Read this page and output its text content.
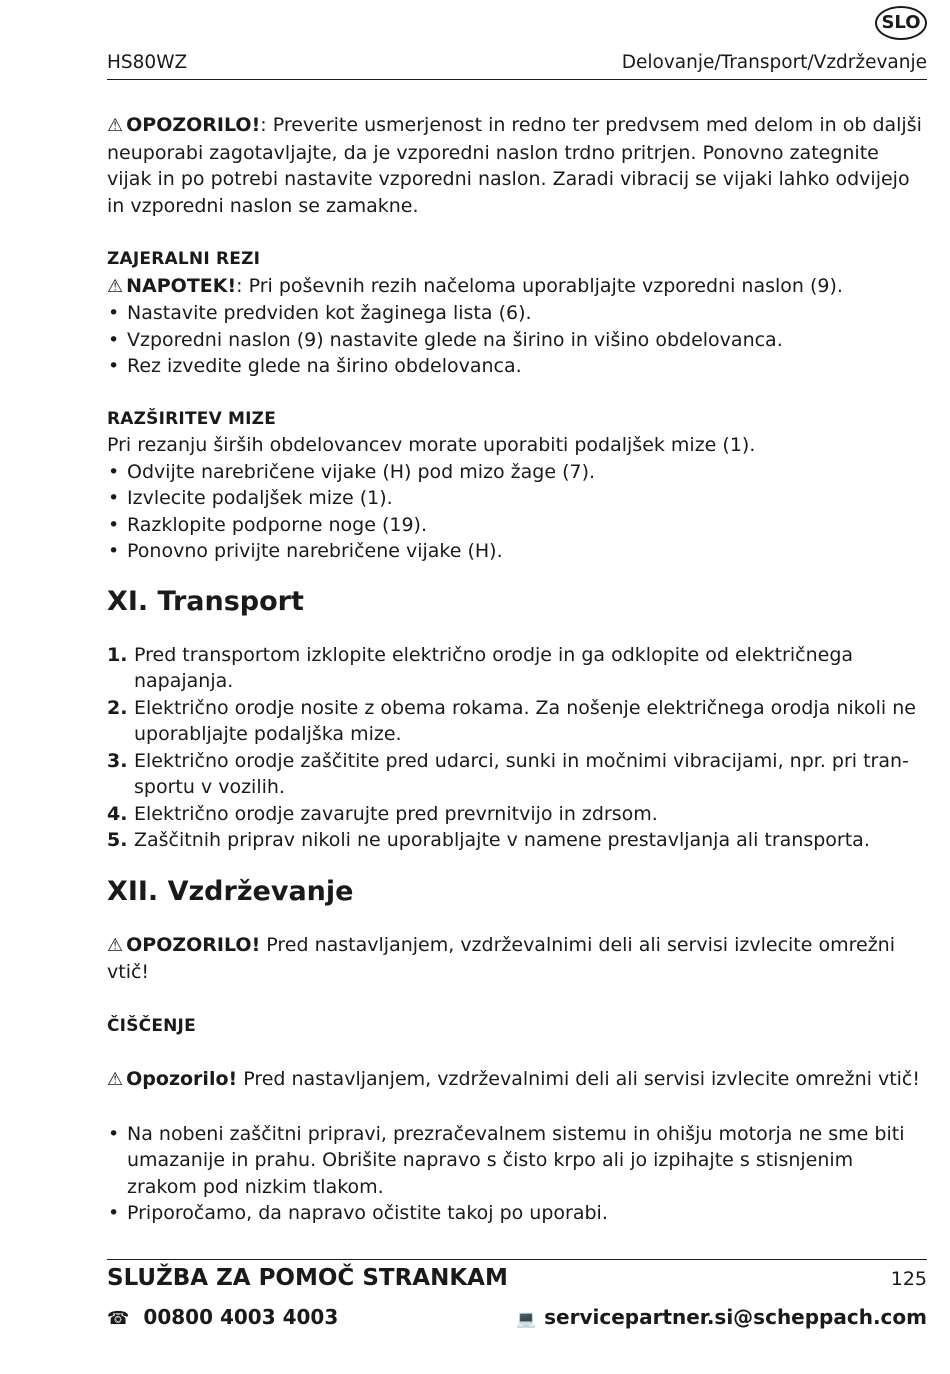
SLO
HS80WZ	Delovanje/Transport/Vzdrževanje

⚠ OPOZORILO!: Preverite usmerjenost in redno ter predvsem med delom in ob daljši neuporabi zagotavljajte, da je vzporedni naslon trdno pritrjen. Ponovno zategnite vijak in po potrebi nastavite vzporedni naslon. Zaradi vibracij se vijaki lahko odvijejo in vzporedni naslon se zamakne.

ZAJERALNI REZI

⚠ NAPOTEK!: Pri poševnih rezih načeloma uporabljajte vzporedni naslon (9).

• Nastavite predviden kot žaginega lista (6).
• Vzporedni naslon (9) nastavite glede na širino in višino obdelovanca.
• Rez izvedite glede na širino obdelovanca.
RAZŠIRITEV MIZE

Pri rezanju širših obdelovancev morate uporabiti podaljšek mize (1).

• Odvijte narebričene vijake (H) pod mizo žage (7).
• Izvlecite podaljšek mize (1).
• Razklopite podporne noge (19).
• Ponovno privijte narebričene vijake (H).
XI. Transport
1. Pred transportom izklopite električno orodje in ga odklopite od električnega napajanja.
2. Električno orodje nosite z obema rokama. Za nošenje električnega orodja nikoli ne uporabljajte podaljška mize.
3. Električno orodje zaščitite pred udarci, sunki in močnimi vibracijami, npr. pri transportu v vozilih.
4. Električno orodje zavarujte pred prevrnitvijo in zdrsom.
5. Zaščitnih priprav nikoli ne uporabljajte v namene prestavljanja ali transporta.
XII. Vzdrževanje

⚠ OPOZORILO! Pred nastavljanjem, vzdrževalnimi deli ali servisi izvlecite omrežni vtič!

ČIŠČENJE

⚠ Opozorilo! Pred nastavljanjem, vzdrževalnimi deli ali servisi izvlecite omrežni vtič!

• Na nobeni zaščitni pripravi, prezračevalnem sistemu in ohišju motorja ne sme biti umazanije in prahu. Obrišite napravo s čisto krpo ali jo izpihajte s stisnjenim zrakom pod nizkim tlakom.
• Priporočamo, da napravo očistite takoj po uporabi.
SLUŽBA ZA POMOČ STRANKAM	125
☎ 00800 4003 4003	💻 servicepartner.si@scheppach.com
